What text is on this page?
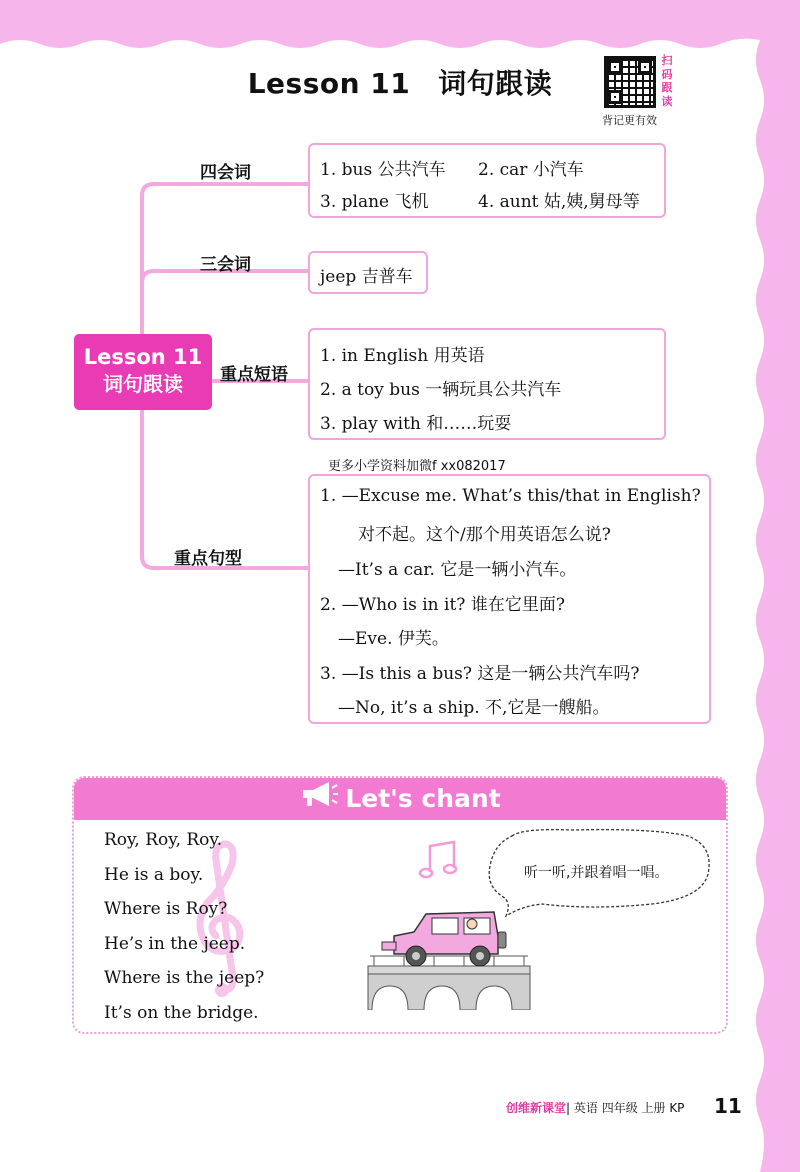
Lesson 11 词句跟读
扫
码
跟
读
背记更有效
Lesson 11
词句跟读
四会词
三会词
重点短语
重点句型
1. bus 公共汽车 2. car 小汽车
3. plane 飞机	4. aunt 姑,姨,舅母等
jeep 吉普车
1. in English 用英语
2. a toy bus 一辆玩具公共汽车
3. play with 和……玩耍
更多小学资料加微f xx082017
1. —Excuse me. What’s this/that in English?
对不起。这个/那个用英语怎么说?
—It’s a car. 它是一辆小汽车。
2. —Who is in it? 谁在它里面?
—Eve. 伊芙。
3. —Is this a bus? 这是一辆公共汽车吗?
—No, it’s a ship. 不,它是一艘船。
Let's chant
Roy, Roy, Roy.
He is a boy.
Where is Roy?
He’s in the jeep.
Where is the jeep?
It’s on the bridge.
听一听,并跟着唱一唱。
创维新课堂| 英语 四年级 上册 KP 11
